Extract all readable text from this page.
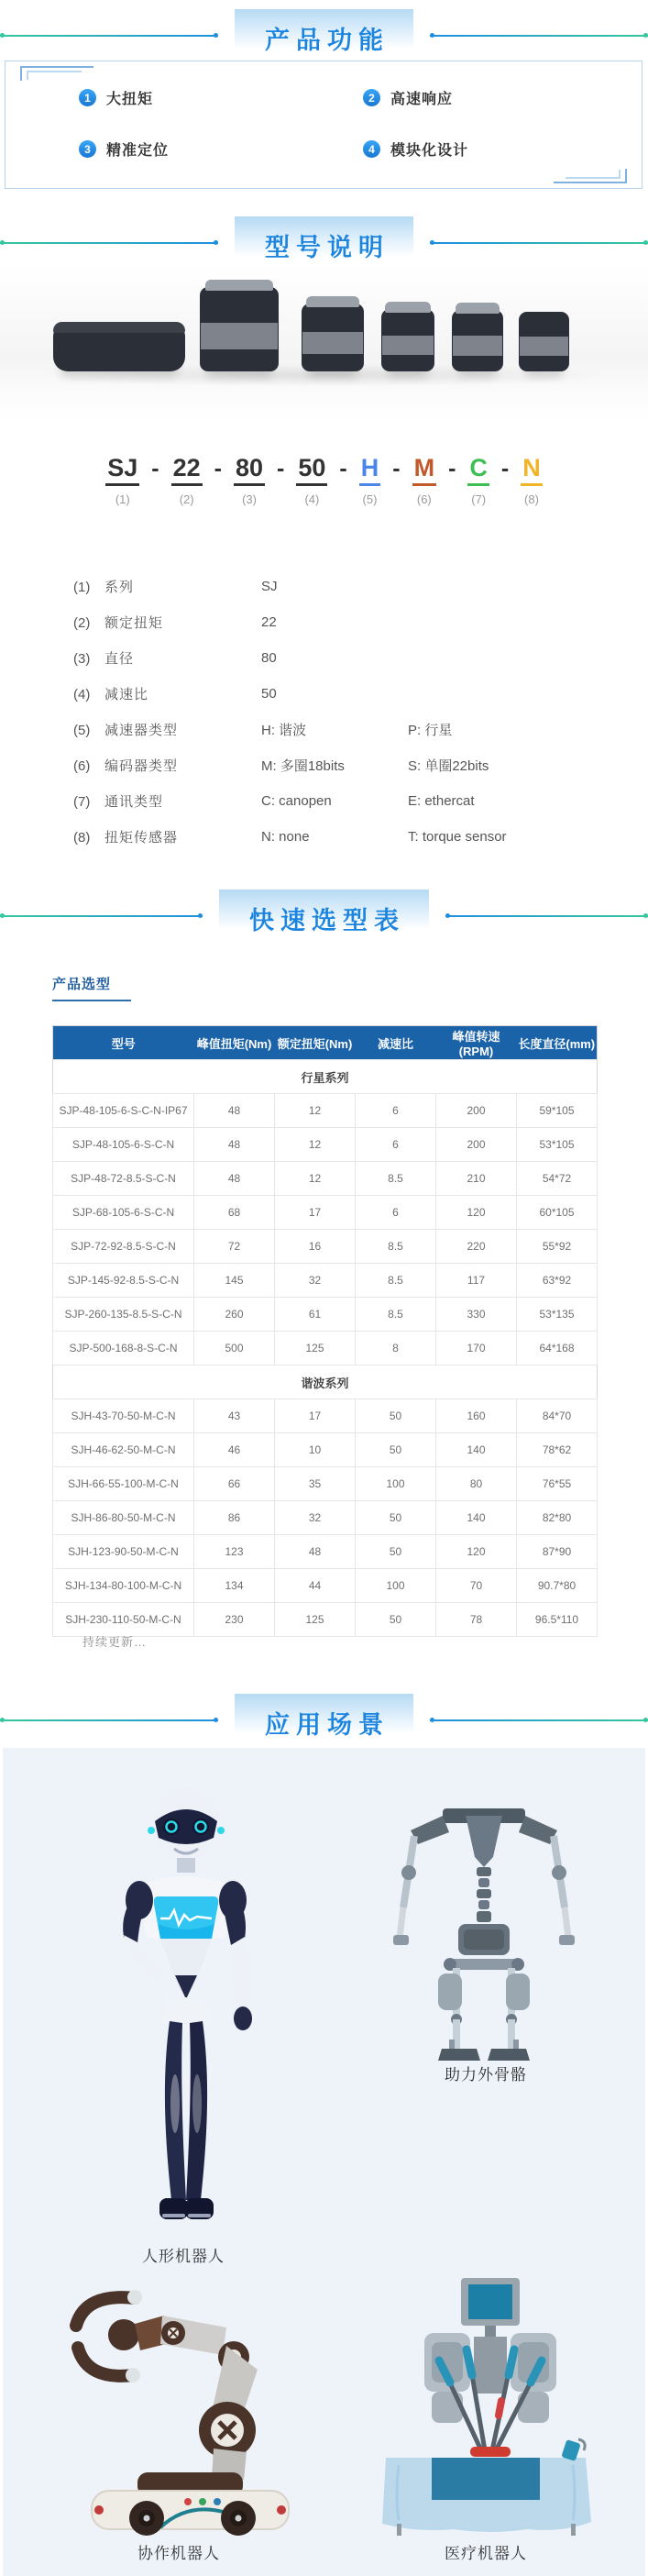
产品功能
1	大扭矩	2	高速响应
3	精准定位	4	模块化设计
型号说明
SJ
(1)
- 22
(2)
- 80
(3)
- 50
(4)
- H
(5)
- M
(6)
- C
(7)
- N
(8)
(1) 系列	SJ
(2) 额定扭矩	22
(3) 直径	80
(4) 减速比	50
(5) 减速器类型	H: 谐波	P: 行星
(6) 编码器类型	M: 多圈18bits	S: 单圈22bits
(7) 通讯类型	C: canopen	E: ethercat
(8) 扭矩传感器	N: none	T: torque sensor
快速选型表
产品选型
型号	峰值扭矩(Nm)	额定扭矩(Nm)	减速比	峰值转速(RPM)	长度直径(mm)
行星系列					
SJP-48-105-6-S-C-N-IP67	48	12	6	200	59*105
SJP-48-105-6-S-C-N	48	12	6	200	53*105
SJP-48-72-8.5-S-C-N	48	12	8.5	210	54*72
SJP-68-105-6-S-C-N	68	17	6	120	60*105
SJP-72-92-8.5-S-C-N	72	16	8.5	220	55*92
SJP-145-92-8.5-S-C-N	145	32	8.5	117	63*92
SJP-260-135-8.5-S-C-N	260	61	8.5	330	53*135
SJP-500-168-8-S-C-N	500	125	8	170	64*168
谐波系列					
SJH-43-70-50-M-C-N	43	17	50	160	84*70
SJH-46-62-50-M-C-N	46	10	50	140	78*62
SJH-66-55-100-M-C-N	66	35	100	80	76*55
SJH-86-80-50-M-C-N	86	32	50	140	82*80
SJH-123-90-50-M-C-N	123	48	50	120	87*90
SJH-134-80-100-M-C-N	134	44	100	70	90.7*80
SJH-230-110-50-M-C-N	230	125	50	78	96.5*110
持续更新…
应用场景
人形机器人
助力外骨骼
协作机器人	医疗机器人
